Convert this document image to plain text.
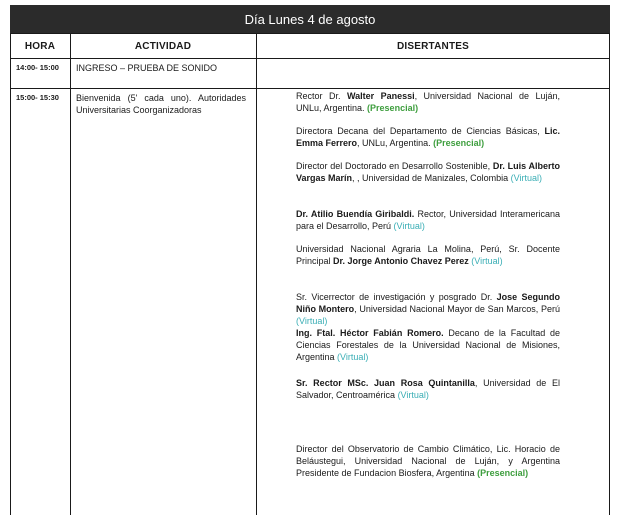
Día Lunes 4 de agosto
HORA	ACTIVIDAD	DISERTANTES
14:00- 15:00 INGRESO – PRUEBA DE SONIDO
15:00- 15:30 Bienvenida (5' cada uno). Autoridades Universitarias Coorganizadoras
Rector Dr. Walter Panessi, Universidad Nacional de Luján, UNLu, Argentina. (Presencial)
Directora Decana del Departamento de Ciencias Básicas, Lic. Emma Ferrero, UNLu, Argentina. (Presencial)
Director del Doctorado en Desarrollo Sostenible, Dr. Luis Alberto Vargas Marín, , Universidad de Manizales, Colombia (Virtual)
Dr. Atilio Buendía Giribaldi. Rector, Universidad Interamericana para el Desarrollo, Perú (Virtual)
Universidad Nacional Agraria La Molina, Perú, Sr. Docente Principal Dr. Jorge Antonio Chavez Perez (Virtual)
Sr. Vicerrector de investigación y posgrado Dr. Jose Segundo Niño Montero, Universidad Nacional Mayor de San Marcos, Perú (Virtual)
Ing. Ftal. Héctor Fabián Romero. Decano de la Facultad de Ciencias Forestales de la Universidad Nacional de Misiones, Argentina (Virtual)
Sr. Rector MSc. Juan Rosa Quintanilla, Universidad de El Salvador, Centroamérica (Virtual)
Director del Observatorio de Cambio Climático, Lic. Horacio de Beláustegui, Universidad Nacional de Luján, y Argentina Presidente de Fundacion Biosfera, Argentina (Presencial)
